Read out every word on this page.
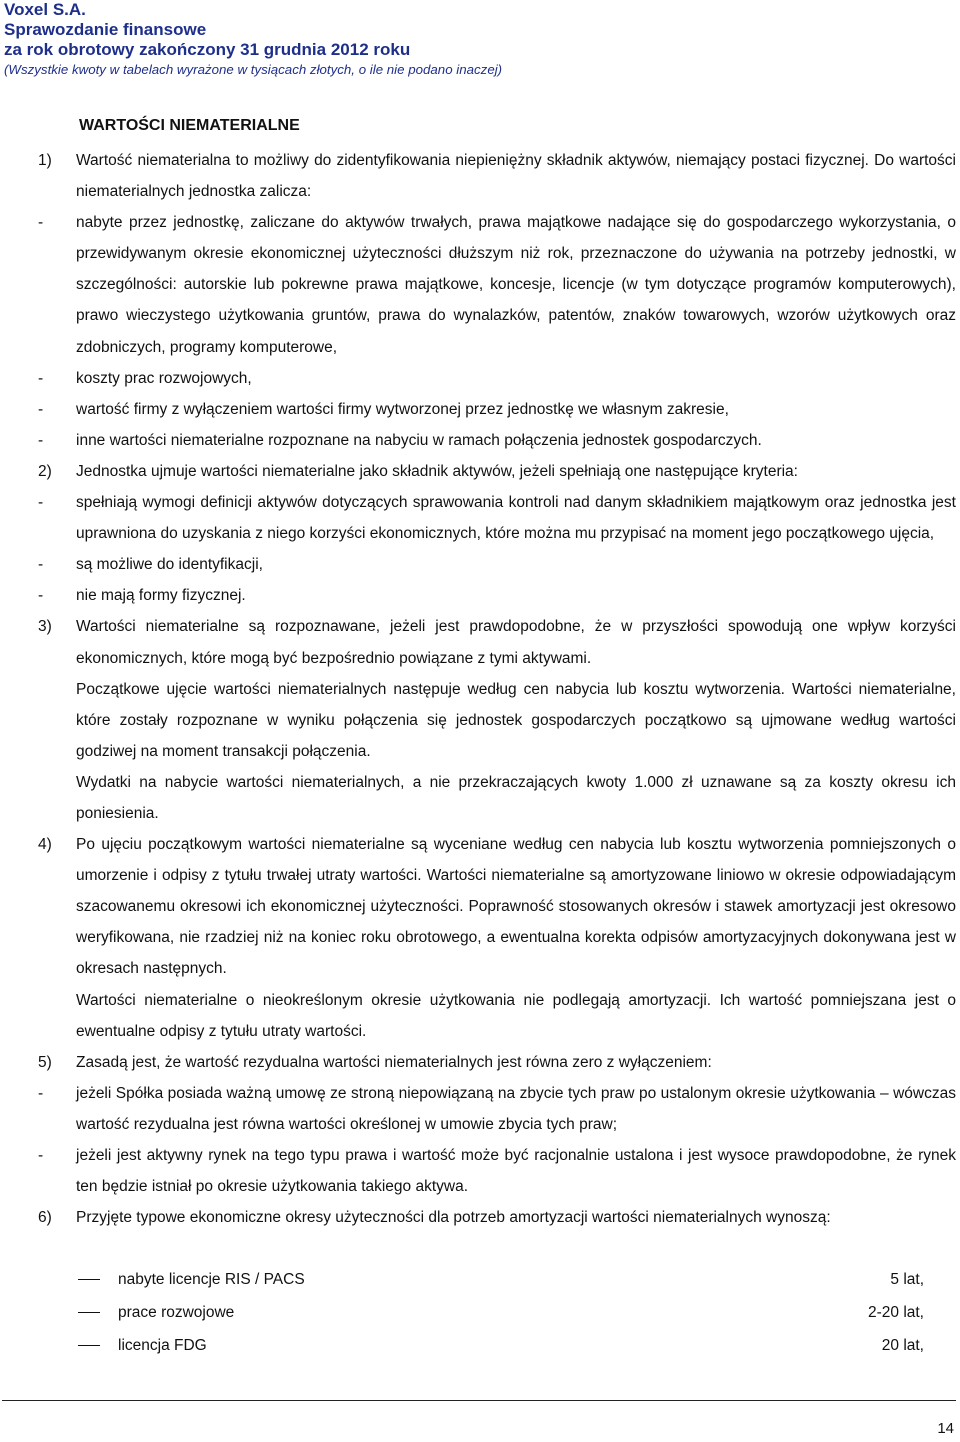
Voxel S.A.
Sprawozdanie finansowe
za rok obrotowy zakończony 31 grudnia 2012 roku
(Wszystkie kwoty w tabelach wyrażone w tysiącach złotych, o ile nie podano inaczej)
WARTOŚCI NIEMATERIALNE
1) Wartość niematerialna to możliwy do zidentyfikowania niepieniężny składnik aktywów, niemający postaci fizycznej. Do wartości niematerialnych jednostka zalicza:
- nabyte przez jednostkę, zaliczane do aktywów trwałych, prawa majątkowe nadające się do gospodarczego wykorzystania, o przewidywanym okresie ekonomicznej użyteczności dłuższym niż rok, przeznaczone do używania na potrzeby jednostki, w szczególności: autorskie lub pokrewne prawa majątkowe, koncesje, licencje (w tym dotyczące programów komputerowych), prawo wieczystego użytkowania gruntów, prawa do wynalazków, patentów, znaków towarowych, wzorów użytkowych oraz zdobniczych, programy komputerowe,
- koszty prac rozwojowych,
- wartość firmy z wyłączeniem wartości firmy wytworzonej przez jednostkę we własnym zakresie,
- inne wartości niematerialne rozpoznane na nabyciu w ramach połączenia jednostek gospodarczych.
2) Jednostka ujmuje wartości niematerialne jako składnik aktywów, jeżeli spełniają one następujące kryteria:
- spełniają wymogi definicji aktywów dotyczących sprawowania kontroli nad danym składnikiem majątkowym oraz jednostka jest uprawniona do uzyskania z niego korzyści ekonomicznych, które można mu przypisać na moment jego początkowego ujęcia,
- są możliwe do identyfikacji,
- nie mają formy fizycznej.
3) Wartości niematerialne są rozpoznawane, jeżeli jest prawdopodobne, że w przyszłości spowodują one wpływ korzyści ekonomicznych, które mogą być bezpośrednio powiązane z tymi aktywami.
Początkowe ujęcie wartości niematerialnych następuje według cen nabycia lub kosztu wytworzenia. Wartości niematerialne, które zostały rozpoznane w wyniku połączenia się jednostek gospodarczych początkowo są ujmowane według wartości godziwej na moment transakcji połączenia.
Wydatki na nabycie wartości niematerialnych, a nie przekraczających kwoty 1.000 zł uznawane są za koszty okresu ich poniesienia.
4) Po ujęciu początkowym wartości niematerialne są wyceniane według cen nabycia lub kosztu wytworzenia pomniejszonych o umorzenie i odpisy z tytułu trwałej utraty wartości. Wartości niematerialne są amortyzowane liniowo w okresie odpowiadającym szacowanemu okresowi ich ekonomicznej użyteczności. Poprawność stosowanych okresów i stawek amortyzacji jest okresowo weryfikowana, nie rzadziej niż na koniec roku obrotowego, a ewentualna korekta odpisów amortyzacyjnych dokonywana jest w okresach następnych.
Wartości niematerialne o nieokreślonym okresie użytkowania nie podlegają amortyzacji. Ich wartość pomniejszana jest o ewentualne odpisy z tytułu utraty wartości.
5) Zasadą jest, że wartość rezydualna wartości niematerialnych jest równa zero z wyłączeniem:
- jeżeli Spółka posiada ważną umowę ze stroną niepowiązaną na zbycie tych praw po ustalonym okresie użytkowania – wówczas wartość rezydualna jest równa wartości określonej w umowie zbycia tych praw;
- jeżeli jest aktywny rynek na tego typu prawa i wartość może być racjonalnie ustalona i jest wysoce prawdopodobne, że rynek ten będzie istniał po okresie użytkowania takiego aktywa.
6) Przyjęte typowe ekonomiczne okresy użyteczności dla potrzeb amortyzacji wartości niematerialnych wynoszą:
nabyte licencje RIS / PACS	5 lat,
prace rozwojowe	2-20 lat,
licencja FDG	20 lat,
14
